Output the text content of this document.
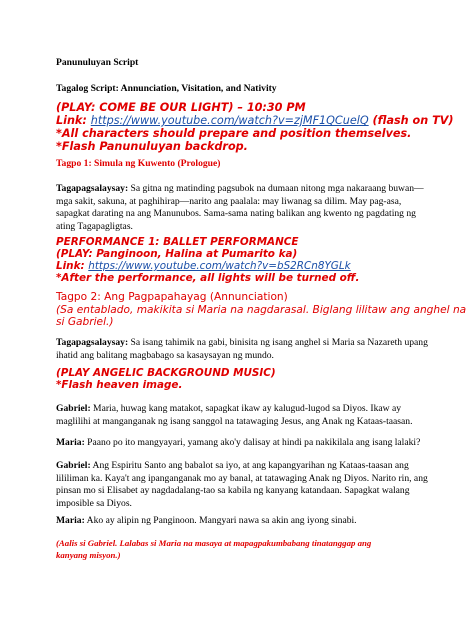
Panunuluyan Script
Tagalog Script: Annunciation, Visitation, and Nativity
(PLAY: COME BE OUR LIGHT) – 10:30 PM
Link: https://www.youtube.com/watch?v=zjMF1QCuelQ (flash on TV)
*All characters should prepare and position themselves.
*Flash Panunuluyan backdrop.
Tagpo 1: Simula ng Kuwento (Prologue)
Tagapagsalaysay: Sa gitna ng matinding pagsubok na dumaan nitong mga nakaraang buwan—
mga sakit, sakuna, at paghihirap—narito ang paalala: may liwanag sa dilim. May pag-asa,
sapagkat darating na ang Manunubos. Sama-sama nating balikan ang kwento ng pagdating ng
ating Tagapagligtas.
PERFORMANCE 1: BALLET PERFORMANCE
(PLAY: Panginoon, Halina at Pumarito ka)
Link: https://www.youtube.com/watch?v=bS2RCn8YGLk
*After the performance, all lights will be turned off.
Tagpo 2: Ang Pagpapahayag (Annunciation)
(Sa entablado, makikita si Maria na nagdarasal. Biglang lilitaw ang anghel na
si Gabriel.)
Tagapagsalaysay: Sa isang tahimik na gabi, binisita ng isang anghel si Maria sa Nazareth upang
ihatid ang balitang magbabago sa kasaysayan ng mundo.
(PLAY ANGELIC BACKGROUND MUSIC)
*Flash heaven image.
Gabriel: Maria, huwag kang matakot, sapagkat ikaw ay kalugud-lugod sa Diyos. Ikaw ay
maglilihi at manganganak ng isang sanggol na tatawaging Jesus, ang Anak ng Kataas-taasan.
Maria: Paano po ito mangyayari, yamang ako'y dalisay at hindi pa nakikilala ang isang lalaki?
Gabriel: Ang Espiritu Santo ang babalot sa iyo, at ang kapangyarihan ng Kataas-taasan ang
lililiman ka. Kaya't ang ipanganganak mo ay banal, at tatawaging Anak ng Diyos. Narito rin, ang
pinsan mo si Elisabet ay nagdadalang-tao sa kabila ng kanyang katandaan. Sapagkat walang
imposible sa Diyos.
Maria: Ako ay alipin ng Panginoon. Mangyari nawa sa akin ang iyong sinabi.
(Aalis si Gabriel. Lalabas si Maria na masaya at mapagpakumbabang tinatanggap ang
kanyang misyon.)
